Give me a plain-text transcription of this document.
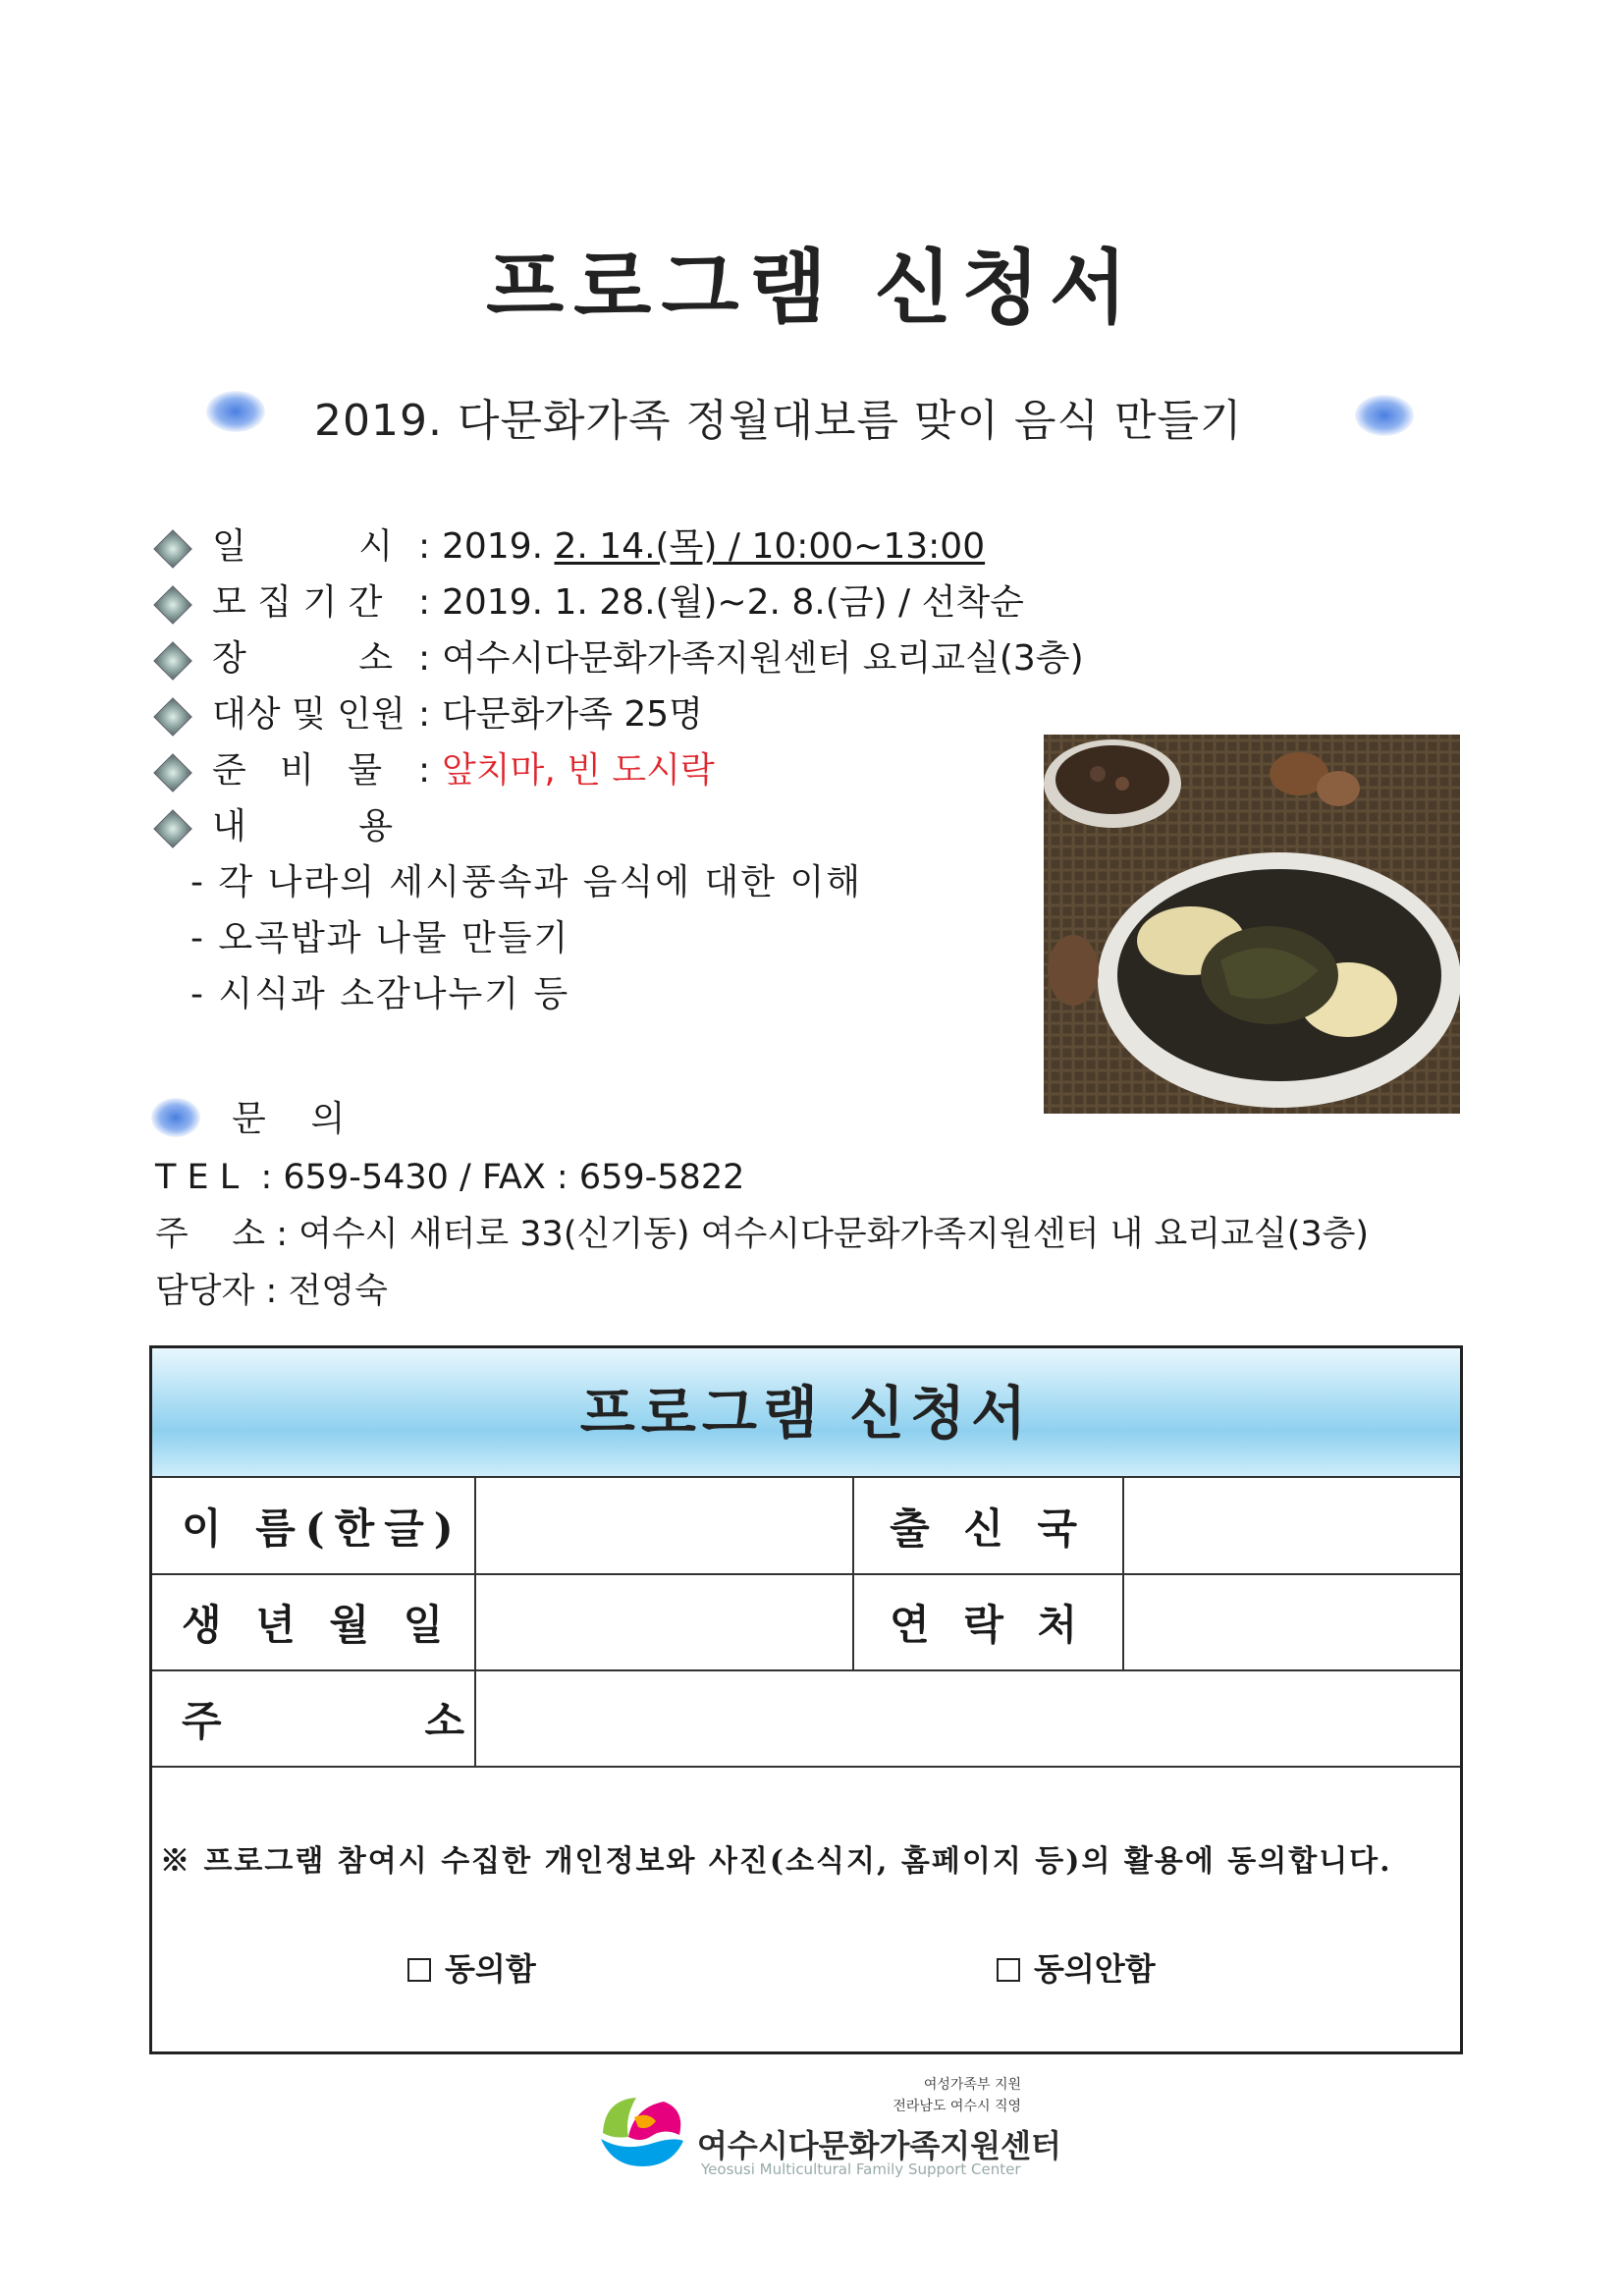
프로그램 신청서
2019. 다문화가족 정월대보름 맞이 음식 만들기
일          시 : 2019. 2. 14.(목) / 10:00~13:00
모 집 기 간 : 2019. 1. 28.(월)~2. 8.(금) / 선착순
장          소 : 여수시다문화가족지원센터 요리교실(3층)
대상 및 인원 : 다문화가족 25명
준   비   물 : 앞치마, 빈 도시락
내          용
- 각 나라의 세시풍속과 음식에 대한 이해
- 오곡밥과 나물 만들기
- 시식과 소감나누기 등
문    의
T E L  : 659-5430 / FAX : 659-5822
주    소 : 여수시 새터로 33(신기동) 여수시다문화가족지원센터 내 요리교실(3층)
담당자 : 전영숙
프로그램 신청서
이 름(한글)		출 신 국	
생 년 월 일		연 락 처	
주        소			
※ 프로그램 참여시 수집한 개인정보와 사진(소식지, 홈페이지 등)의 활용에 동의합니다.
동의함	동의안함
여성가족부 지원
전라남도 여수시 직영
여수시다문화가족지원센터
Yeosusi Multicultural Family Support Center
